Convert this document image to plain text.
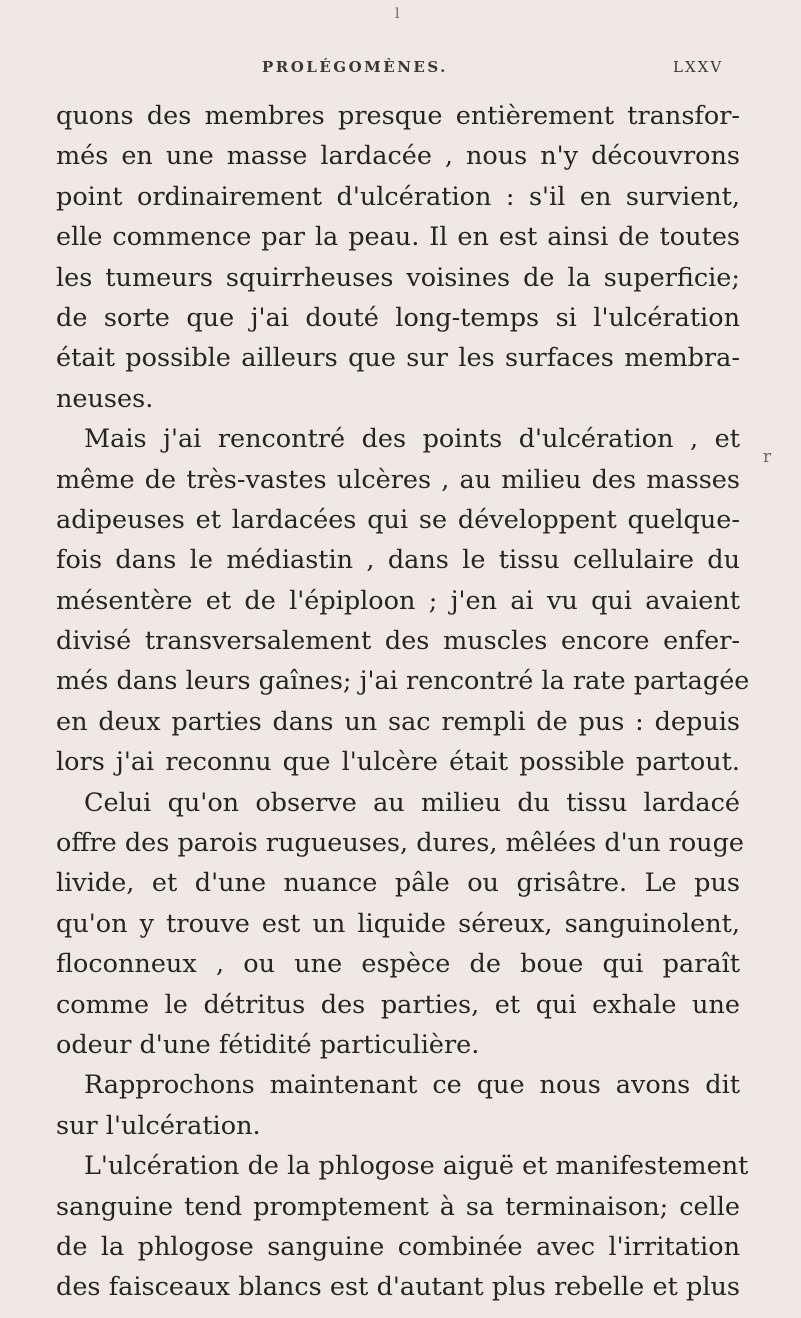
l
PROLÉGOMÈNES.	LXXV
r
quons des membres presque entièrement transfor-
més en une masse lardacée , nous n'y découvrons
point ordinairement d'ulcération : s'il en survient,
elle commence par la peau. Il en est ainsi de toutes
les tumeurs squirrheuses voisines de la superficie;
de sorte que j'ai douté long-temps si l'ulcération
était possible ailleurs que sur les surfaces membra-
neuses.
Mais j'ai rencontré des points d'ulcération , et
même de très-vastes ulcères , au milieu des masses
adipeuses et lardacées qui se développent quelque-
fois dans le médiastin , dans le tissu cellulaire du
mésentère et de l'épiploon ; j'en ai vu qui avaient
divisé transversalement des muscles encore enfer-
més dans leurs gaînes; j'ai rencontré la rate partagée
en deux parties dans un sac rempli de pus : depuis
lors j'ai reconnu que l'ulcère était possible partout.
Celui qu'on observe au milieu du tissu lardacé
offre des parois rugueuses, dures, mêlées d'un rouge
livide, et d'une nuance pâle ou grisâtre. Le pus
qu'on y trouve est un liquide séreux, sanguinolent,
floconneux , ou une espèce de boue qui paraît
comme le détritus des parties, et qui exhale une
odeur d'une fétidité particulière.
Rapprochons maintenant ce que nous avons dit
sur l'ulcération.
L'ulcération de la phlogose aiguë et manifestement
sanguine tend promptement à sa terminaison; celle
de la phlogose sanguine combinée avec l'irritation
des faisceaux blancs est d'autant plus rebelle et plus
